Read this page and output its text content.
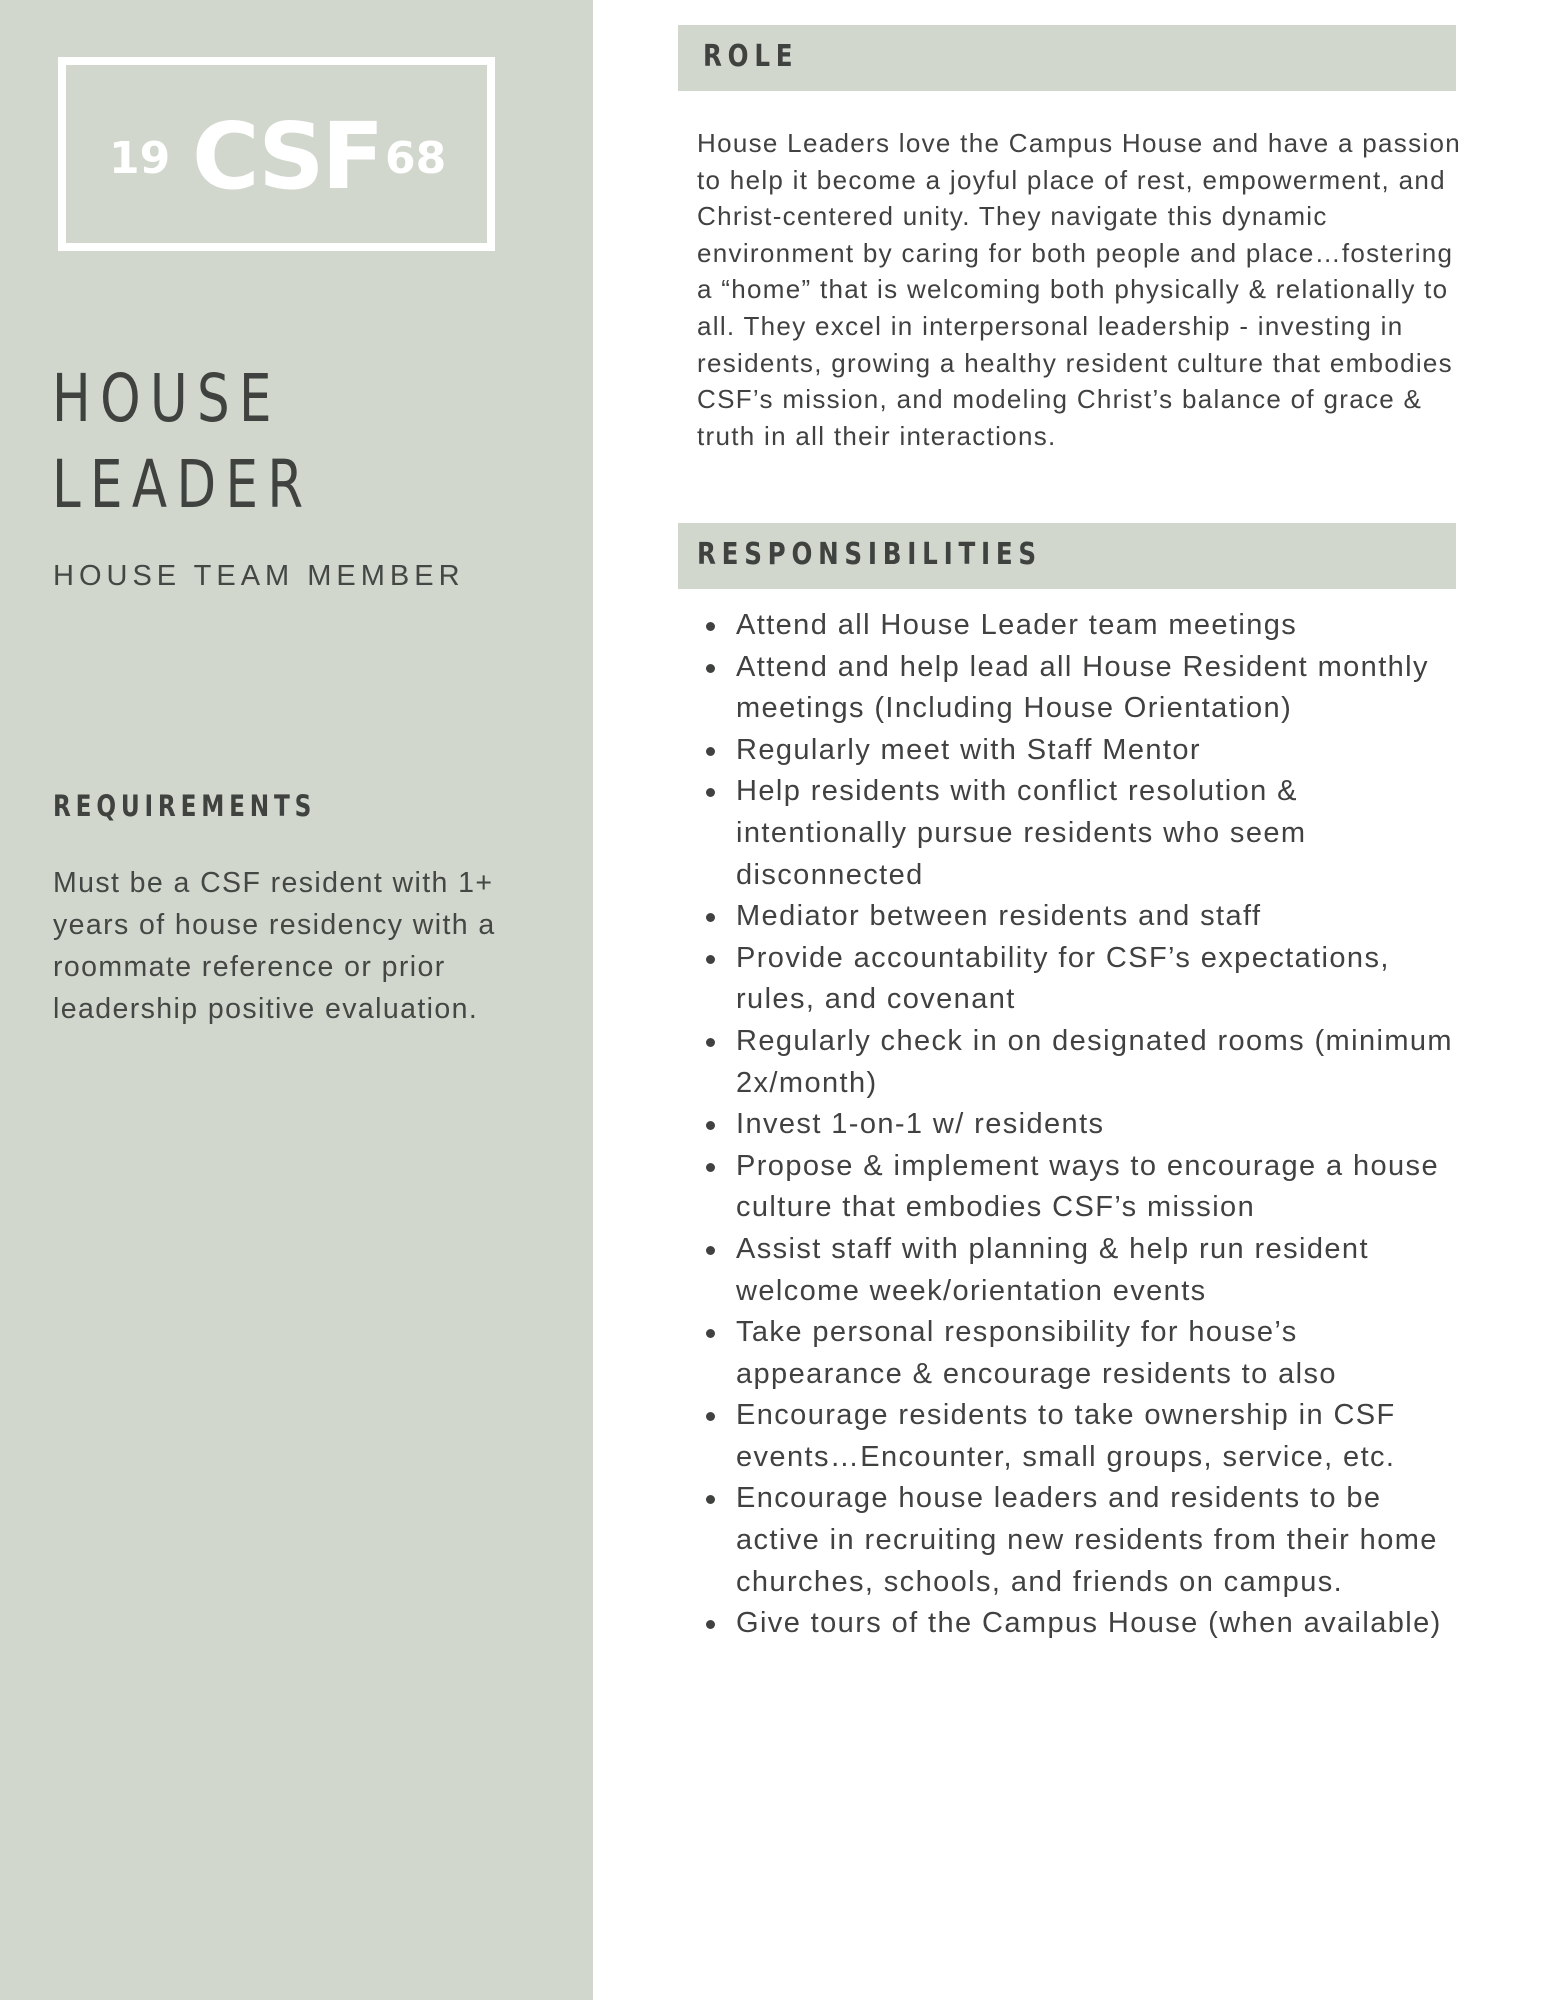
19 CSF 68
HOUSE
LEADER
HOUSE TEAM MEMBER
REQUIREMENTS

Must be a CSF resident with 1+ years of house residency with a roommate reference or prior leadership positive evaluation.

ROLE

House Leaders love the Campus House and have a passion to help it become a joyful place of rest, empowerment, and Christ-centered unity. They navigate this dynamic environment by caring for both people and place…fostering a “home” that is welcoming both physically & relationally to all. They excel in interpersonal leadership - investing in residents, growing a healthy resident culture that embodies CSF’s mission, and modeling Christ’s balance of grace & truth in all their interactions.

RESPONSIBILITIES
Attend all House Leader team meetings
Attend and help lead all House Resident monthly meetings (Including House Orientation)
Regularly meet with Staff Mentor
Help residents with conflict resolution & intentionally pursue residents who seem disconnected
Mediator between residents and staff
Provide accountability for CSF’s expectations, rules, and covenant
Regularly check in on designated rooms (minimum 2x/month)
Invest 1-on-1 w/ residents
Propose & implement ways to encourage a house culture that embodies CSF’s mission
Assist staff with planning & help run resident welcome week/orientation events
Take personal responsibility for house’s appearance & encourage residents to also
Encourage residents to take ownership in CSF events…Encounter, small groups, service, etc.
Encourage house leaders and residents to be active in recruiting new residents from their home churches, schools, and friends on campus.
Give tours of the Campus House (when available)
